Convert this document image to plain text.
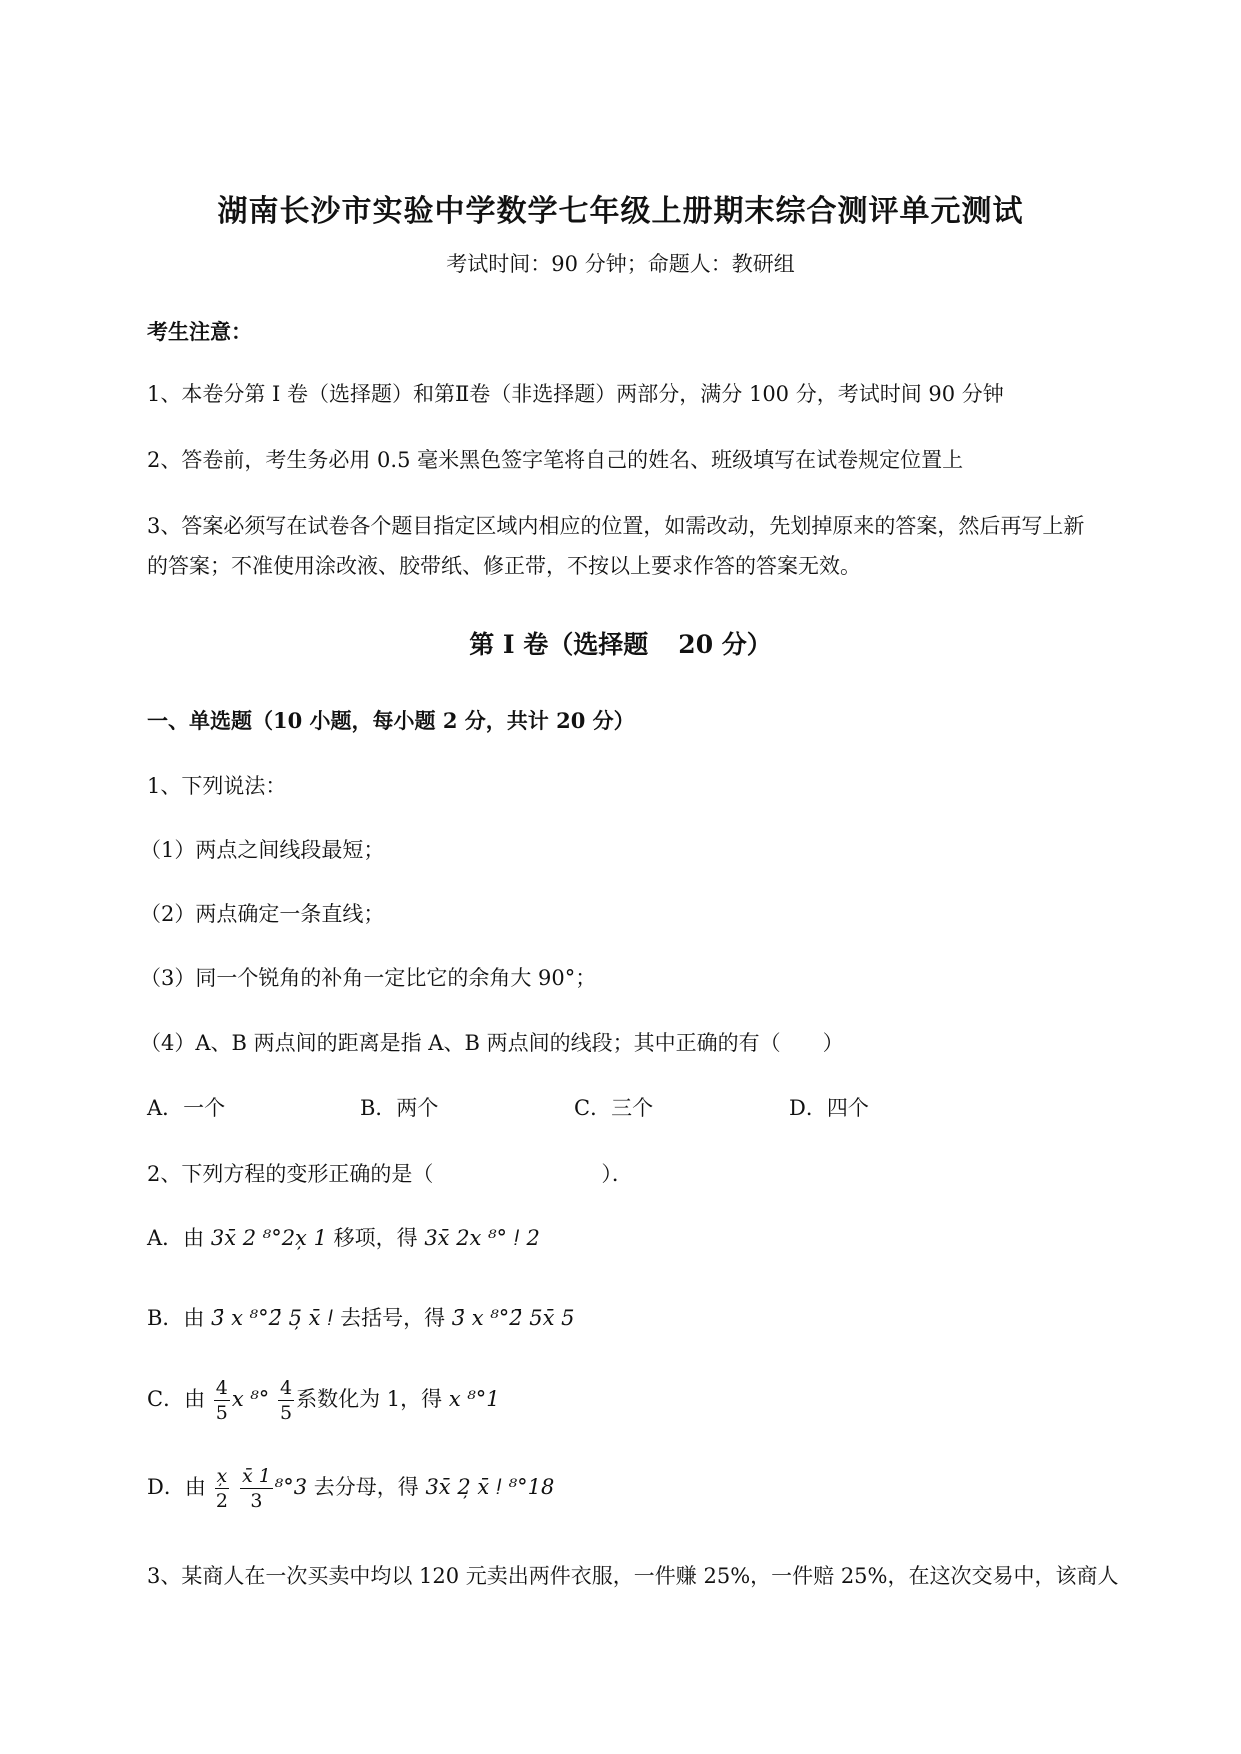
湖南长沙市实验中学数学七年级上册期末综合测评单元测试
考试时间：90 分钟；命题人：教研组
考生注意：
1、本卷分第 I 卷（选择题）和第Ⅱ卷（非选择题）两部分，满分 100 分，考试时间 90 分钟
2、答卷前，考生务必用 0.5 毫米黑色签字笔将自己的姓名、班级填写在试卷规定位置上
3、答案必须写在试卷各个题目指定区域内相应的位置，如需改动，先划掉原来的答案，然后再写上新
的答案；不准使用涂改液、胶带纸、修正带，不按以上要求作答的答案无效。
第 I 卷（选择题 20 分）
一、单选题（10 小题，每小题 2 分，共计 20 分）
1、下列说法：
（1）两点之间线段最短；
（2）两点确定一条直线；
（3）同一个锐角的补角一定比它的余角大 90°；
（4）A、B 两点间的距离是指 A、B 两点间的线段；其中正确的有（　　）
A．一个	B．两个	C．三个	D．四个
2、下列方程的变形正确的是（　　　　　　　　）．
A．由 3x̄ 2 ⁸°2x̦ 1 移项，得 3x̄ 2x ⁸° ǃ 2
B．由 3̄ x ⁸°2̄ 5̦ x̄ ǃ 去括号，得 3̄ x ⁸°2̄ 5x̄ 5
C．由 $\frac{4}{5}$ x $^8^\circ \frac{4}{5}$ 系数化为 1，得 x ⁸°1
D．由 $\frac{x̦}{2}$
$\frac{x̄ 1}{3} ^8^\circ 3$ 去分母，得 3x̄ 2̦ x̄ ǃ ⁸°18
3、某商人在一次买卖中均以 120 元卖出两件衣服，一件赚 25%，一件赔 25%，在这次交易中，该商人
